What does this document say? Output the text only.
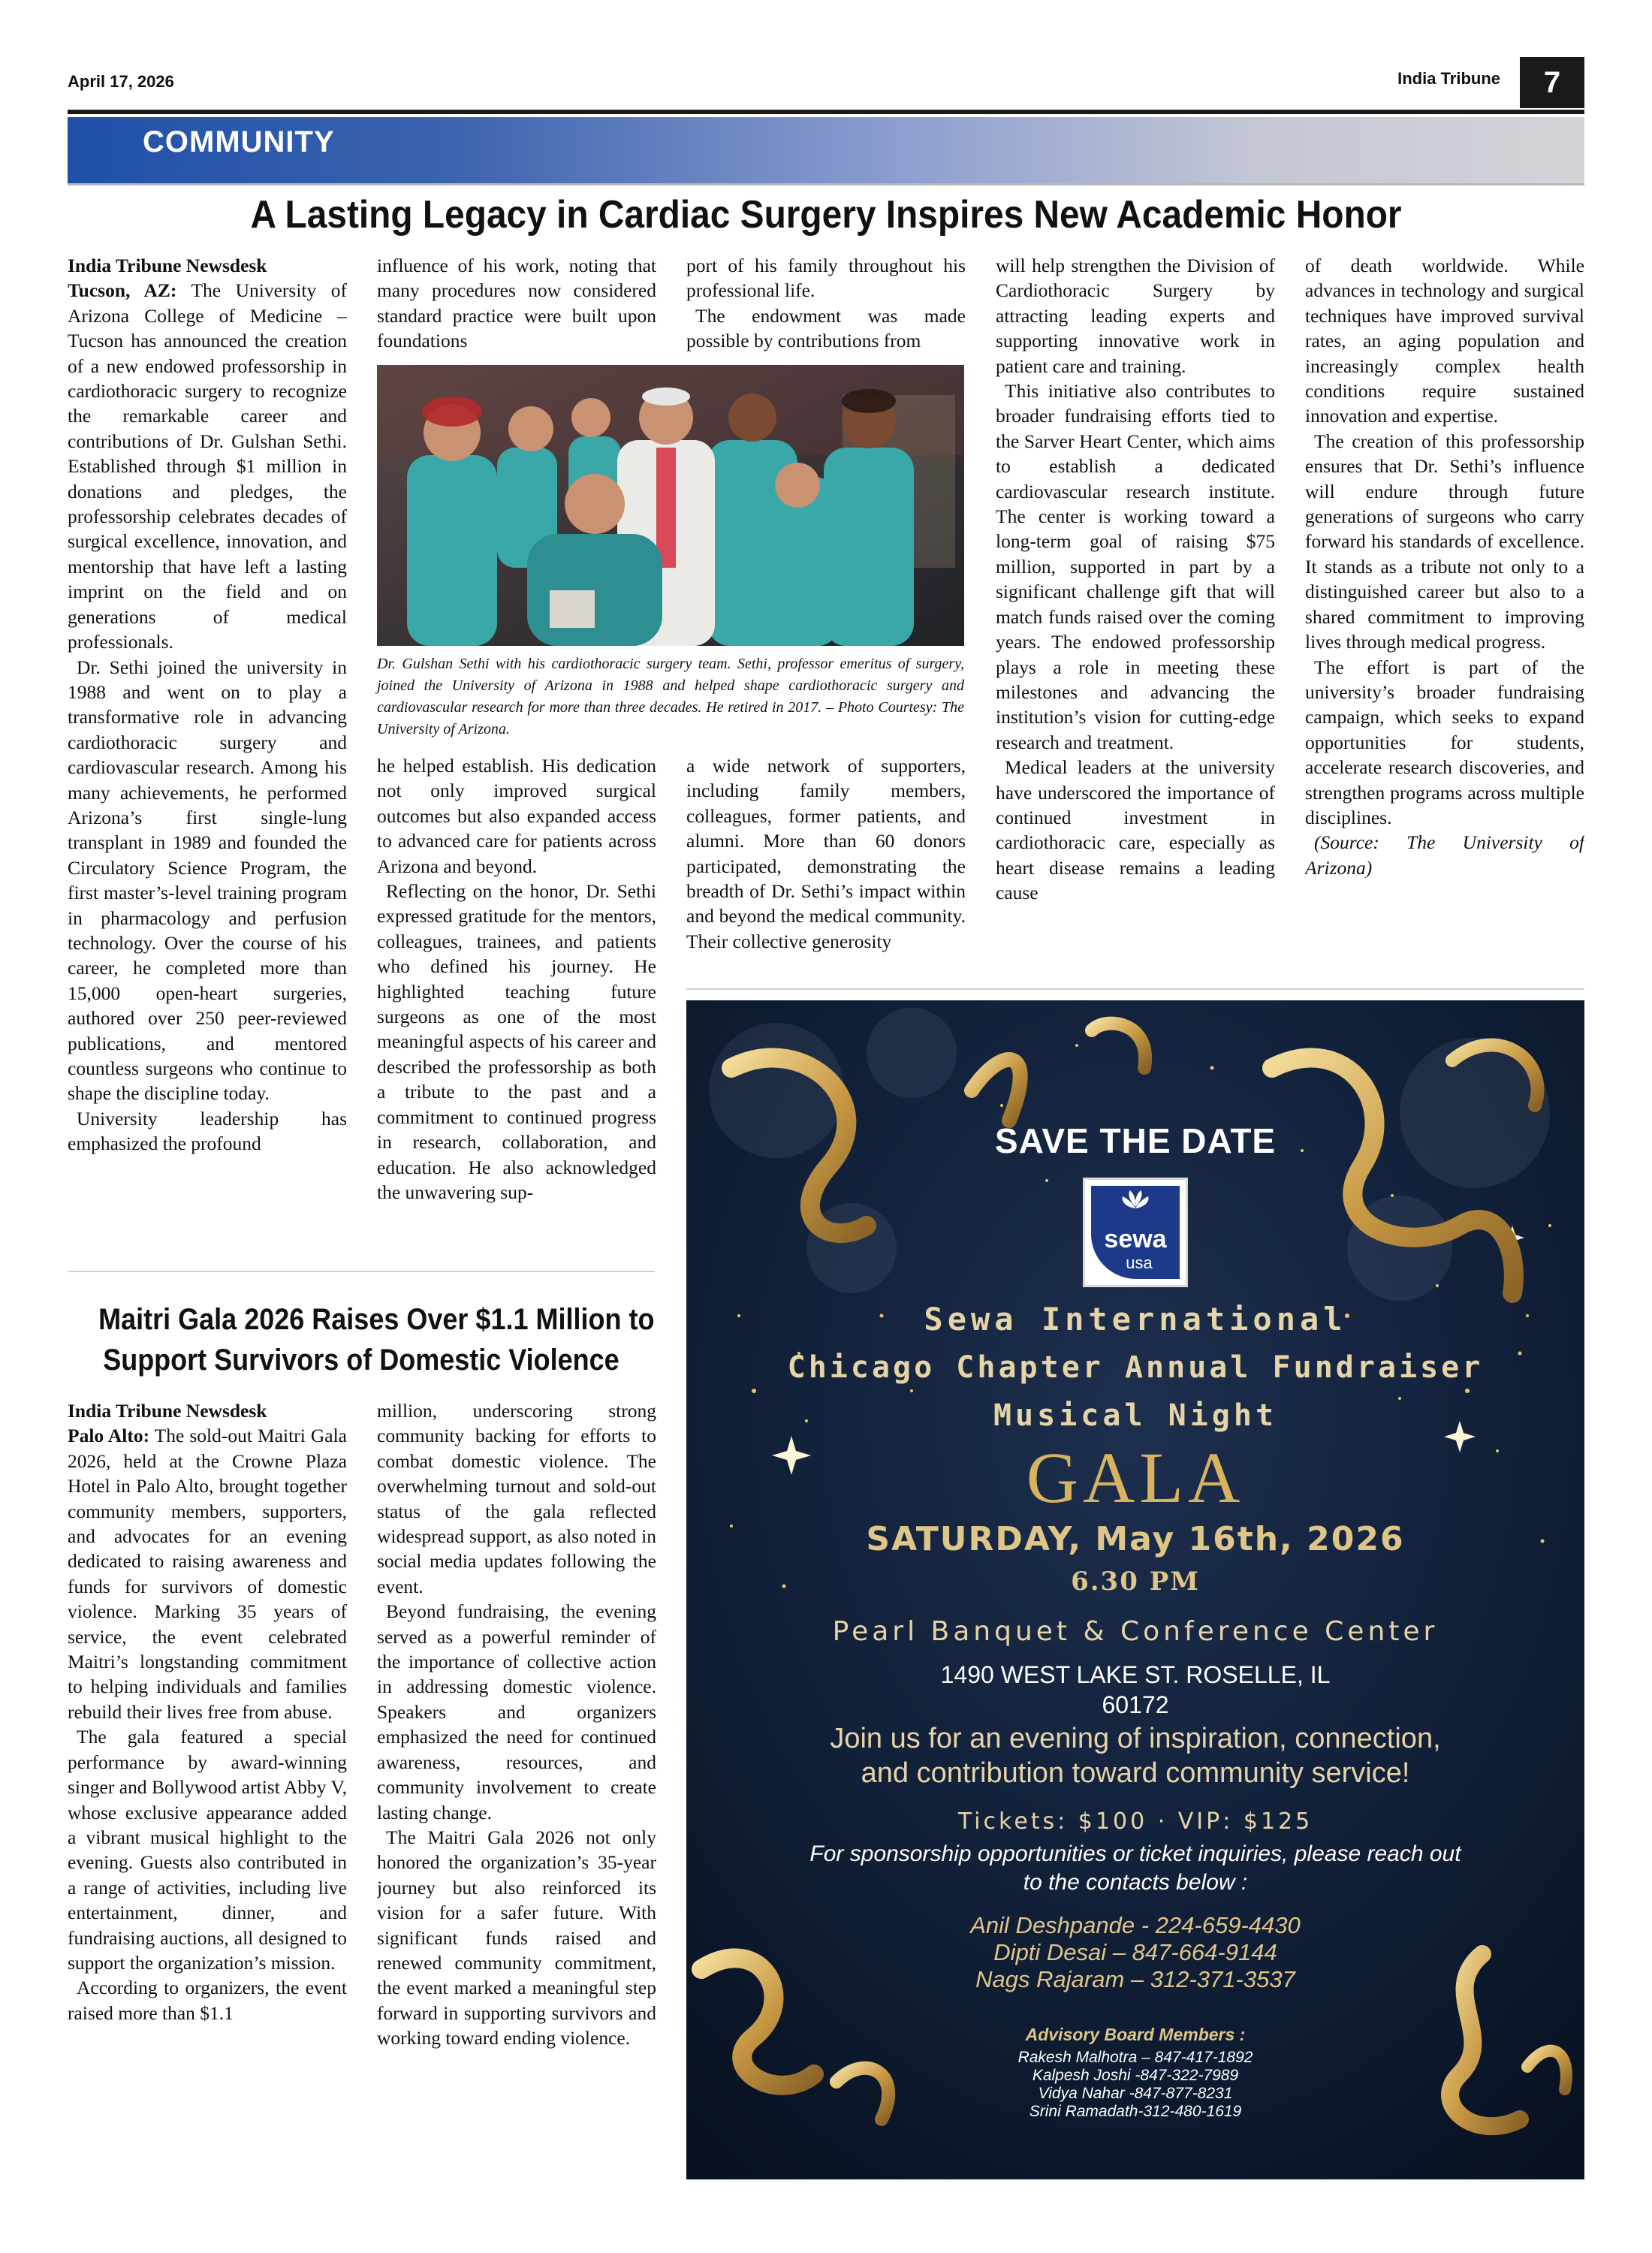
April 17, 2026	India Tribune	7
COMMUNITY
A Lasting Legacy in Cardiac Surgery Inspires New Academic Honor

India Tribune Newsdesk

Tucson, AZ: The University of Arizona College of Medicine – Tucson has announced the creation of a new endowed professorship in cardiothoracic surgery to recognize the remarkable career and contributions of Dr. Gulshan Sethi. Established through $1 million in donations and pledges, the professorship celebrates decades of surgical excellence, innovation, and mentorship that have left a lasting imprint on the field and on generations of medical professionals.

Dr. Sethi joined the university in 1988 and went on to play a transformative role in advancing cardiothoracic surgery and cardiovascular research. Among his many achievements, he performed Arizona’s first single-lung transplant in 1989 and founded the Circulatory Science Program, the first master’s-level training program in pharmacology and perfusion technology. Over the course of his career, he completed more than 15,000 open-heart surgeries, authored over 250 peer-reviewed publications, and mentored countless surgeons who continue to shape the discipline today.

University leadership has emphasized the profound

influence of his work, noting that many procedures now considered standard practice were built upon foundations

port of his family throughout his professional life.

The endowment was made possible by contributions from

Dr. Gulshan Sethi with his cardiothoracic surgery team. Sethi, professor emeritus of surgery, joined the University of Arizona in 1988 and helped shape cardiothoracic surgery and cardiovascular research for more than three decades. He retired in 2017. – Photo Courtesy: The University of Arizona.

he helped establish. His dedication not only improved surgical outcomes but also expanded access to advanced care for patients across Arizona and beyond.

Reflecting on the honor, Dr. Sethi expressed gratitude for the mentors, colleagues, trainees, and patients who defined his journey. He highlighted teaching future surgeons as one of the most meaningful aspects of his career and described the professorship as both a tribute to the past and a commitment to continued progress in research, collaboration, and education. He also acknowledged the unwavering sup-

a wide network of supporters, including family members, colleagues, former patients, and alumni. More than 60 donors participated, demonstrating the breadth of Dr. Sethi’s impact within and beyond the medical community. Their collective generosity

will help strengthen the Division of Cardiothoracic Surgery by attracting leading experts and supporting innovative work in patient care and training.

This initiative also contributes to broader fundraising efforts tied to the Sarver Heart Center, which aims to establish a dedicated cardiovascular research institute. The center is working toward a long-term goal of raising $75 million, supported in part by a significant challenge gift that will match funds raised over the coming years. The endowed professorship plays a role in meeting these milestones and advancing the institution’s vision for cutting-edge research and treatment.

Medical leaders at the university have underscored the importance of continued investment in cardiothoracic care, especially as heart disease remains a leading cause

of death worldwide. While advances in technology and surgical techniques have improved survival rates, an aging population and increasingly complex health conditions require sustained innovation and expertise.

The creation of this professorship ensures that Dr. Sethi’s influence will endure through future generations of surgeons who carry forward his standards of excellence. It stands as a tribute not only to a distinguished career but also to a shared commitment to improving lives through medical progress.

The effort is part of the university’s broader fundraising campaign, which seeks to expand opportunities for students, accelerate research discoveries, and strengthen programs across multiple disciplines.

(Source: The University of Arizona)

Maitri Gala 2026 Raises Over $1.1 Million to
Support Survivors of Domestic Violence

India Tribune Newsdesk

Palo Alto: The sold-out Maitri Gala 2026, held at the Crowne Plaza Hotel in Palo Alto, brought together community members, supporters, and advocates for an evening dedicated to raising awareness and funds for survivors of domestic violence. Marking 35 years of service, the event celebrated Maitri’s longstanding commitment to helping individuals and families rebuild their lives free from abuse.

The gala featured a special performance by award-winning singer and Bollywood artist Abby V, whose exclusive appearance added a vibrant musical highlight to the evening. Guests also contributed in a range of activities, including live entertainment, dinner, and fundraising auctions, all designed to support the organization’s mission.

According to organizers, the event raised more than $1.1

million, underscoring strong community backing for efforts to combat domestic violence. The overwhelming turnout and sold-out status of the gala reflected widespread support, as also noted in social media updates following the event.

Beyond fundraising, the evening served as a powerful reminder of the importance of collective action in addressing domestic violence. Speakers and organizers emphasized the need for continued awareness, resources, and community involvement to create lasting change.

The Maitri Gala 2026 not only honored the organization’s 35-year journey but also reinforced its vision for a safer future. With significant funds raised and renewed community commitment, the event marked a meaningful step forward in supporting survivors and working toward ending violence.

sewa
usa
SAVE THE DATE
Sewa International
Chicago Chapter Annual Fundraiser
Musical Night
GALA
SATURDAY, May 16th, 2026
6.30 PM
Pearl Banquet & Conference Center
1490 WEST LAKE ST. ROSELLE, IL
60172
Join us for an evening of inspiration, connection,
and contribution toward community service!
Tickets: $100 · VIP: $125
For sponsorship opportunities or ticket inquiries, please reach out
to the contacts below :
Anil Deshpande - 224-659-4430
Dipti Desai – 847-664-9144
Nags Rajaram – 312-371-3537
Advisory Board Members :
Rakesh Malhotra – 847-417-1892
Kalpesh Joshi -847-322-7989
Vidya Nahar -847-877-8231
Srini Ramadath-312-480-1619
